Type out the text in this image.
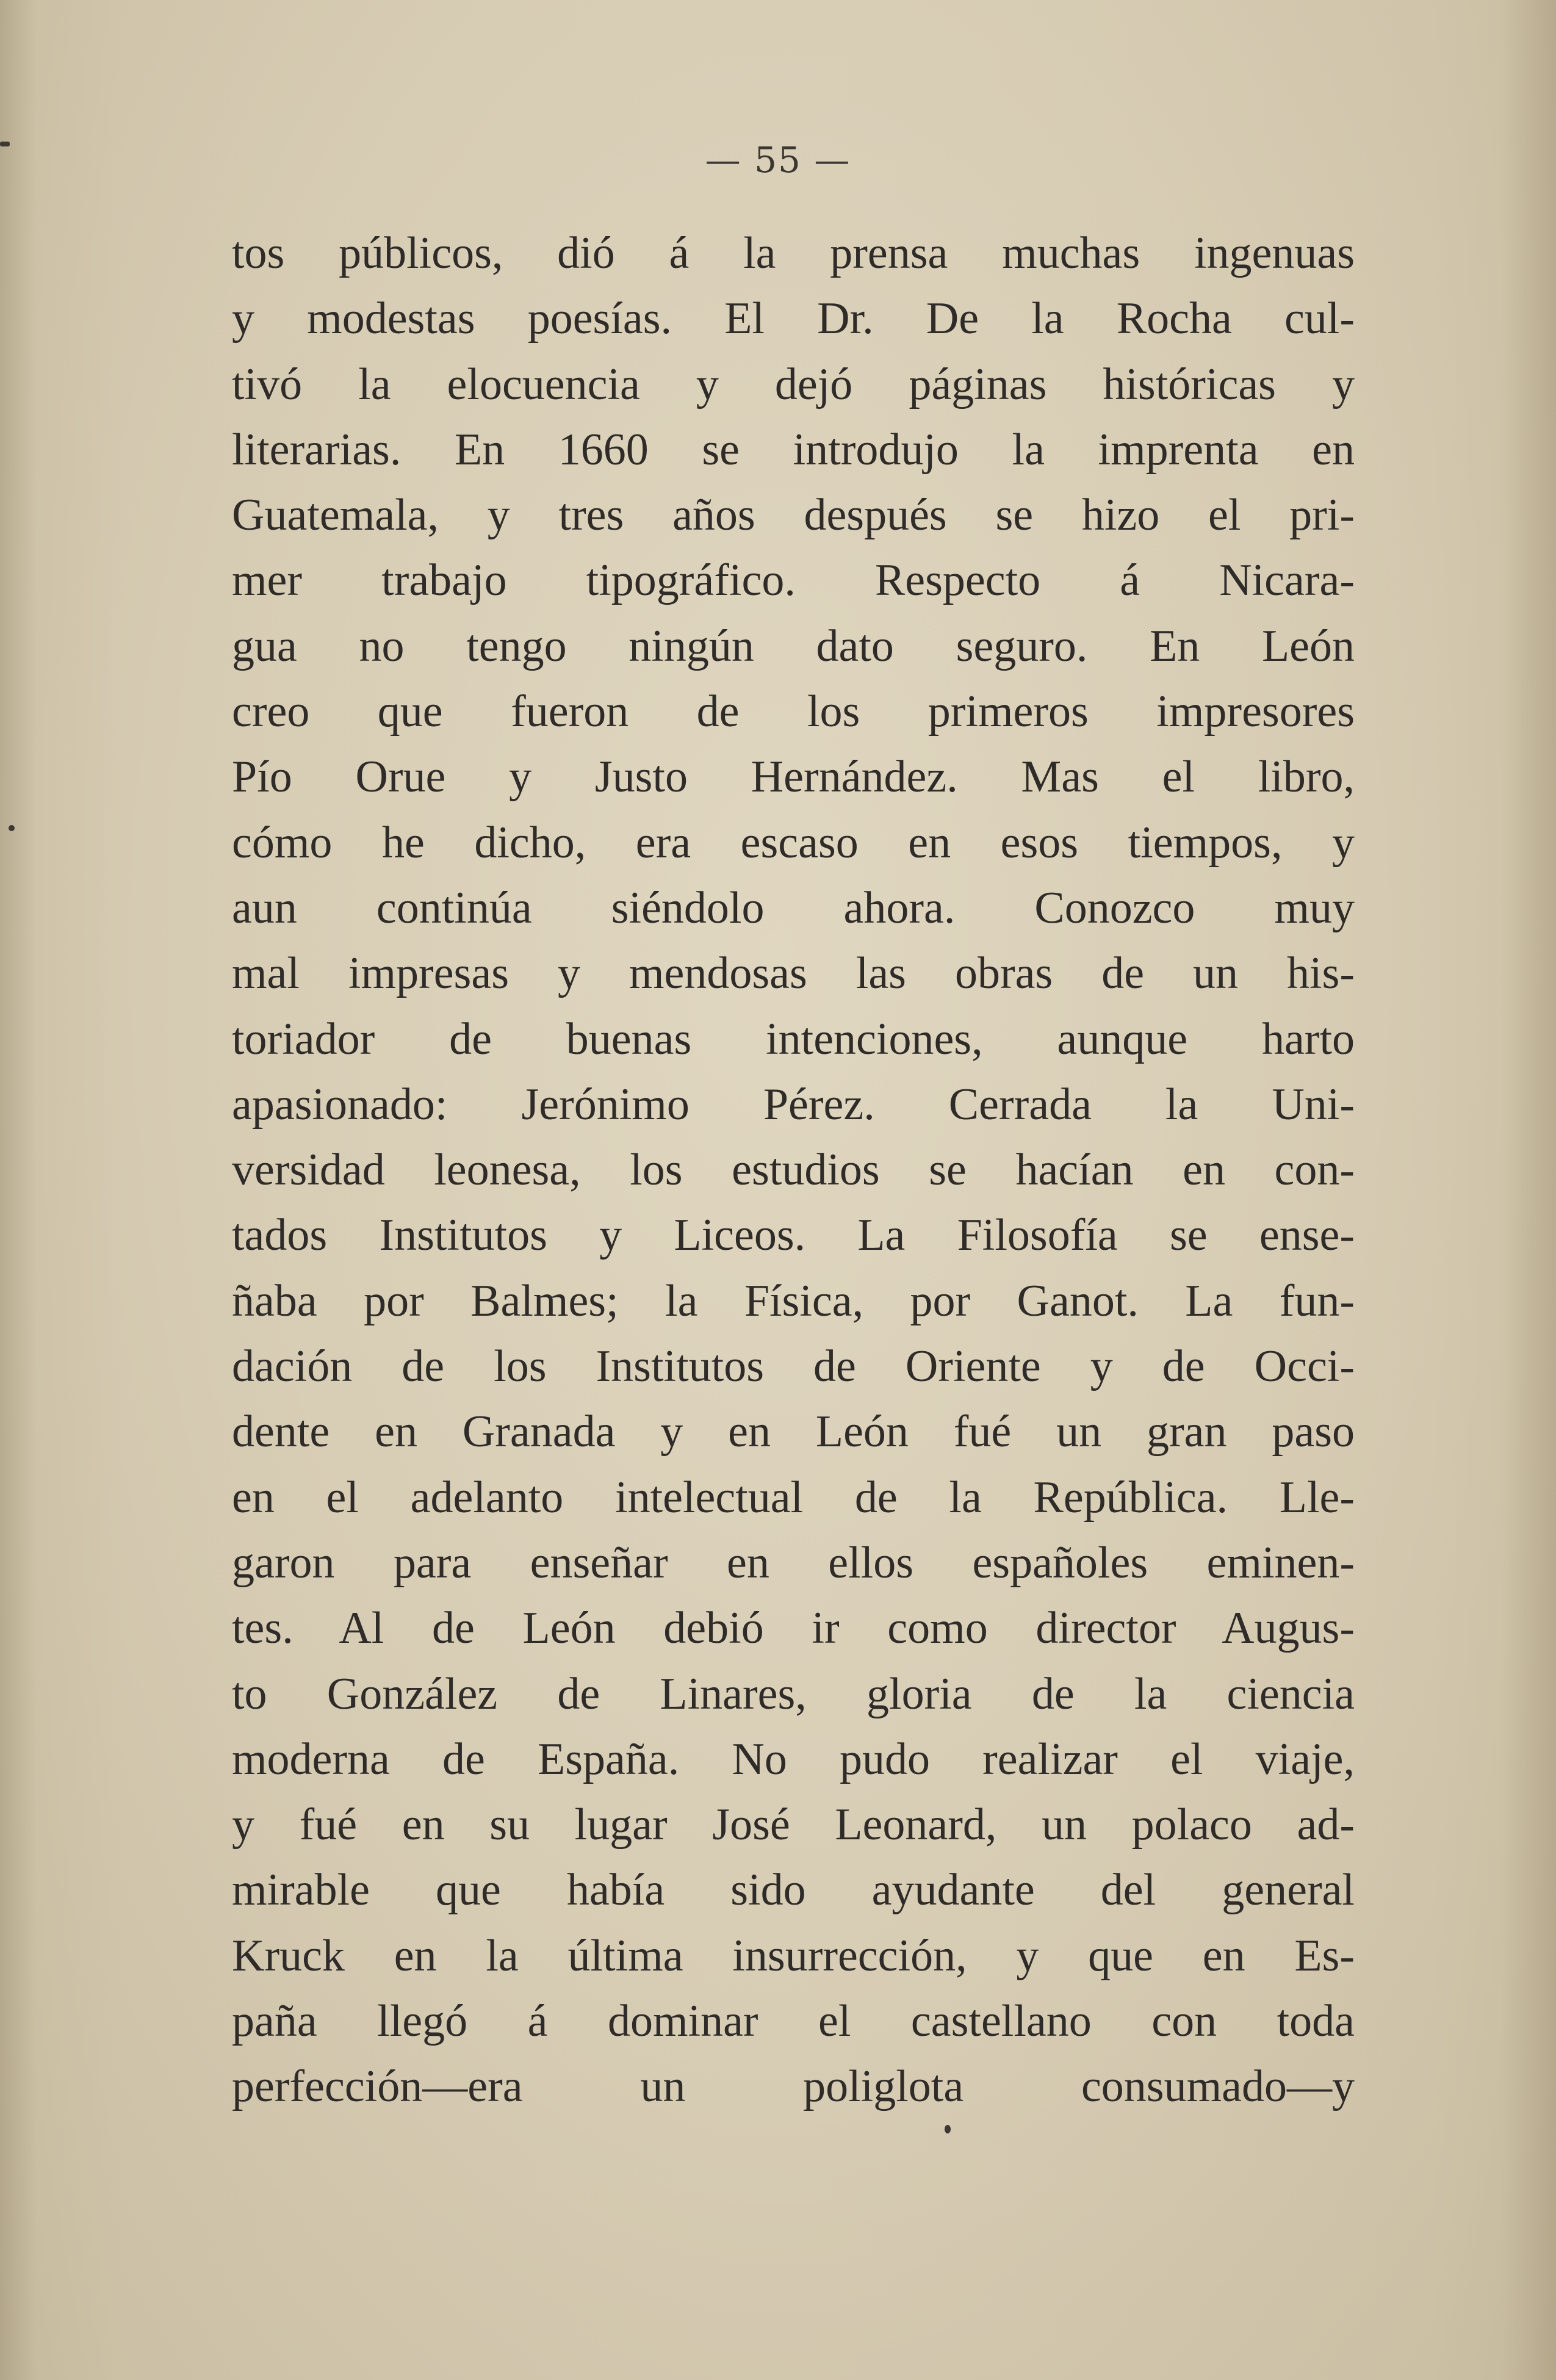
— 55 —
tos públicos, dió á la prensa muchas ingenuas
y modestas poesías. El Dr. De la Rocha cul-
tivó la elocuencia y dejó páginas históricas y
literarias. En 1660 se introdujo la imprenta en
Guatemala, y tres años después se hizo el pri-
mer trabajo tipográfico. Respecto á Nicara-
gua no tengo ningún dato seguro. En León
creo que fueron de los primeros impresores
Pío Orue y Justo Hernández. Mas el libro,
cómo he dicho, era escaso en esos tiempos, y
aun continúa siéndolo ahora. Conozco muy
mal impresas y mendosas las obras de un his-
toriador de buenas intenciones, aunque harto
apasionado: Jerónimo Pérez. Cerrada la Uni-
versidad leonesa, los estudios se hacían en con-
tados Institutos y Liceos. La Filosofía se ense-
ñaba por Balmes; la Física, por Ganot. La fun-
dación de los Institutos de Oriente y de Occi-
dente en Granada y en León fué un gran paso
en el adelanto intelectual de la República. Lle-
garon para enseñar en ellos españoles eminen-
tes. Al de León debió ir como director Augus-
to González de Linares, gloria de la ciencia
moderna de España. No pudo realizar el viaje,
y fué en su lugar José Leonard, un polaco ad-
mirable que había sido ayudante del general
Kruck en la última insurrección, y que en Es-
paña llegó á dominar el castellano con toda
perfección—era un poliglota consumado—y
